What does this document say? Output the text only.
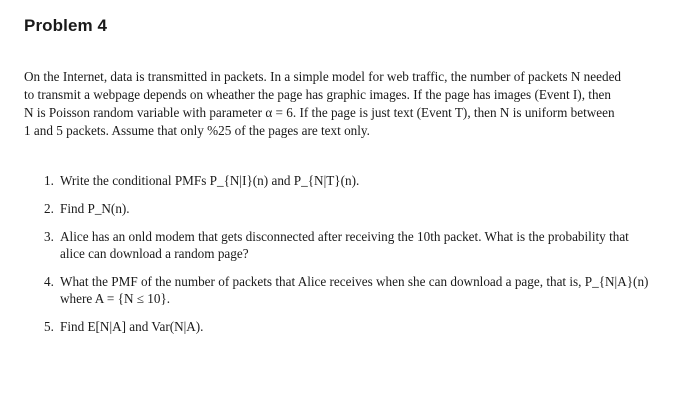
Problem 4

On the Internet, data is transmitted in packets. In a simple model for web traffic, the number of packets N needed
to transmit a webpage depends on wheather the page has graphic images. If the page has images (Event I), then
N is Poisson random variable with parameter α = 6. If the page is just text (Event T), then N is uniform between
1 and 5 packets. Assume that only %25 of the pages are text only.

1. Write the conditional PMFs P_{N|I}(n) and P_{N|T}(n).
2. Find P_N(n).
3. Alice has an onld modem that gets disconnected after receiving the 10th packet. What is the probability that
alice can download a random page?
4. What the PMF of the number of packets that Alice receives when she can download a page, that is, P_{N|A}(n)
where A = {N ≤ 10}.
5. Find E[N|A] and Var(N|A).
